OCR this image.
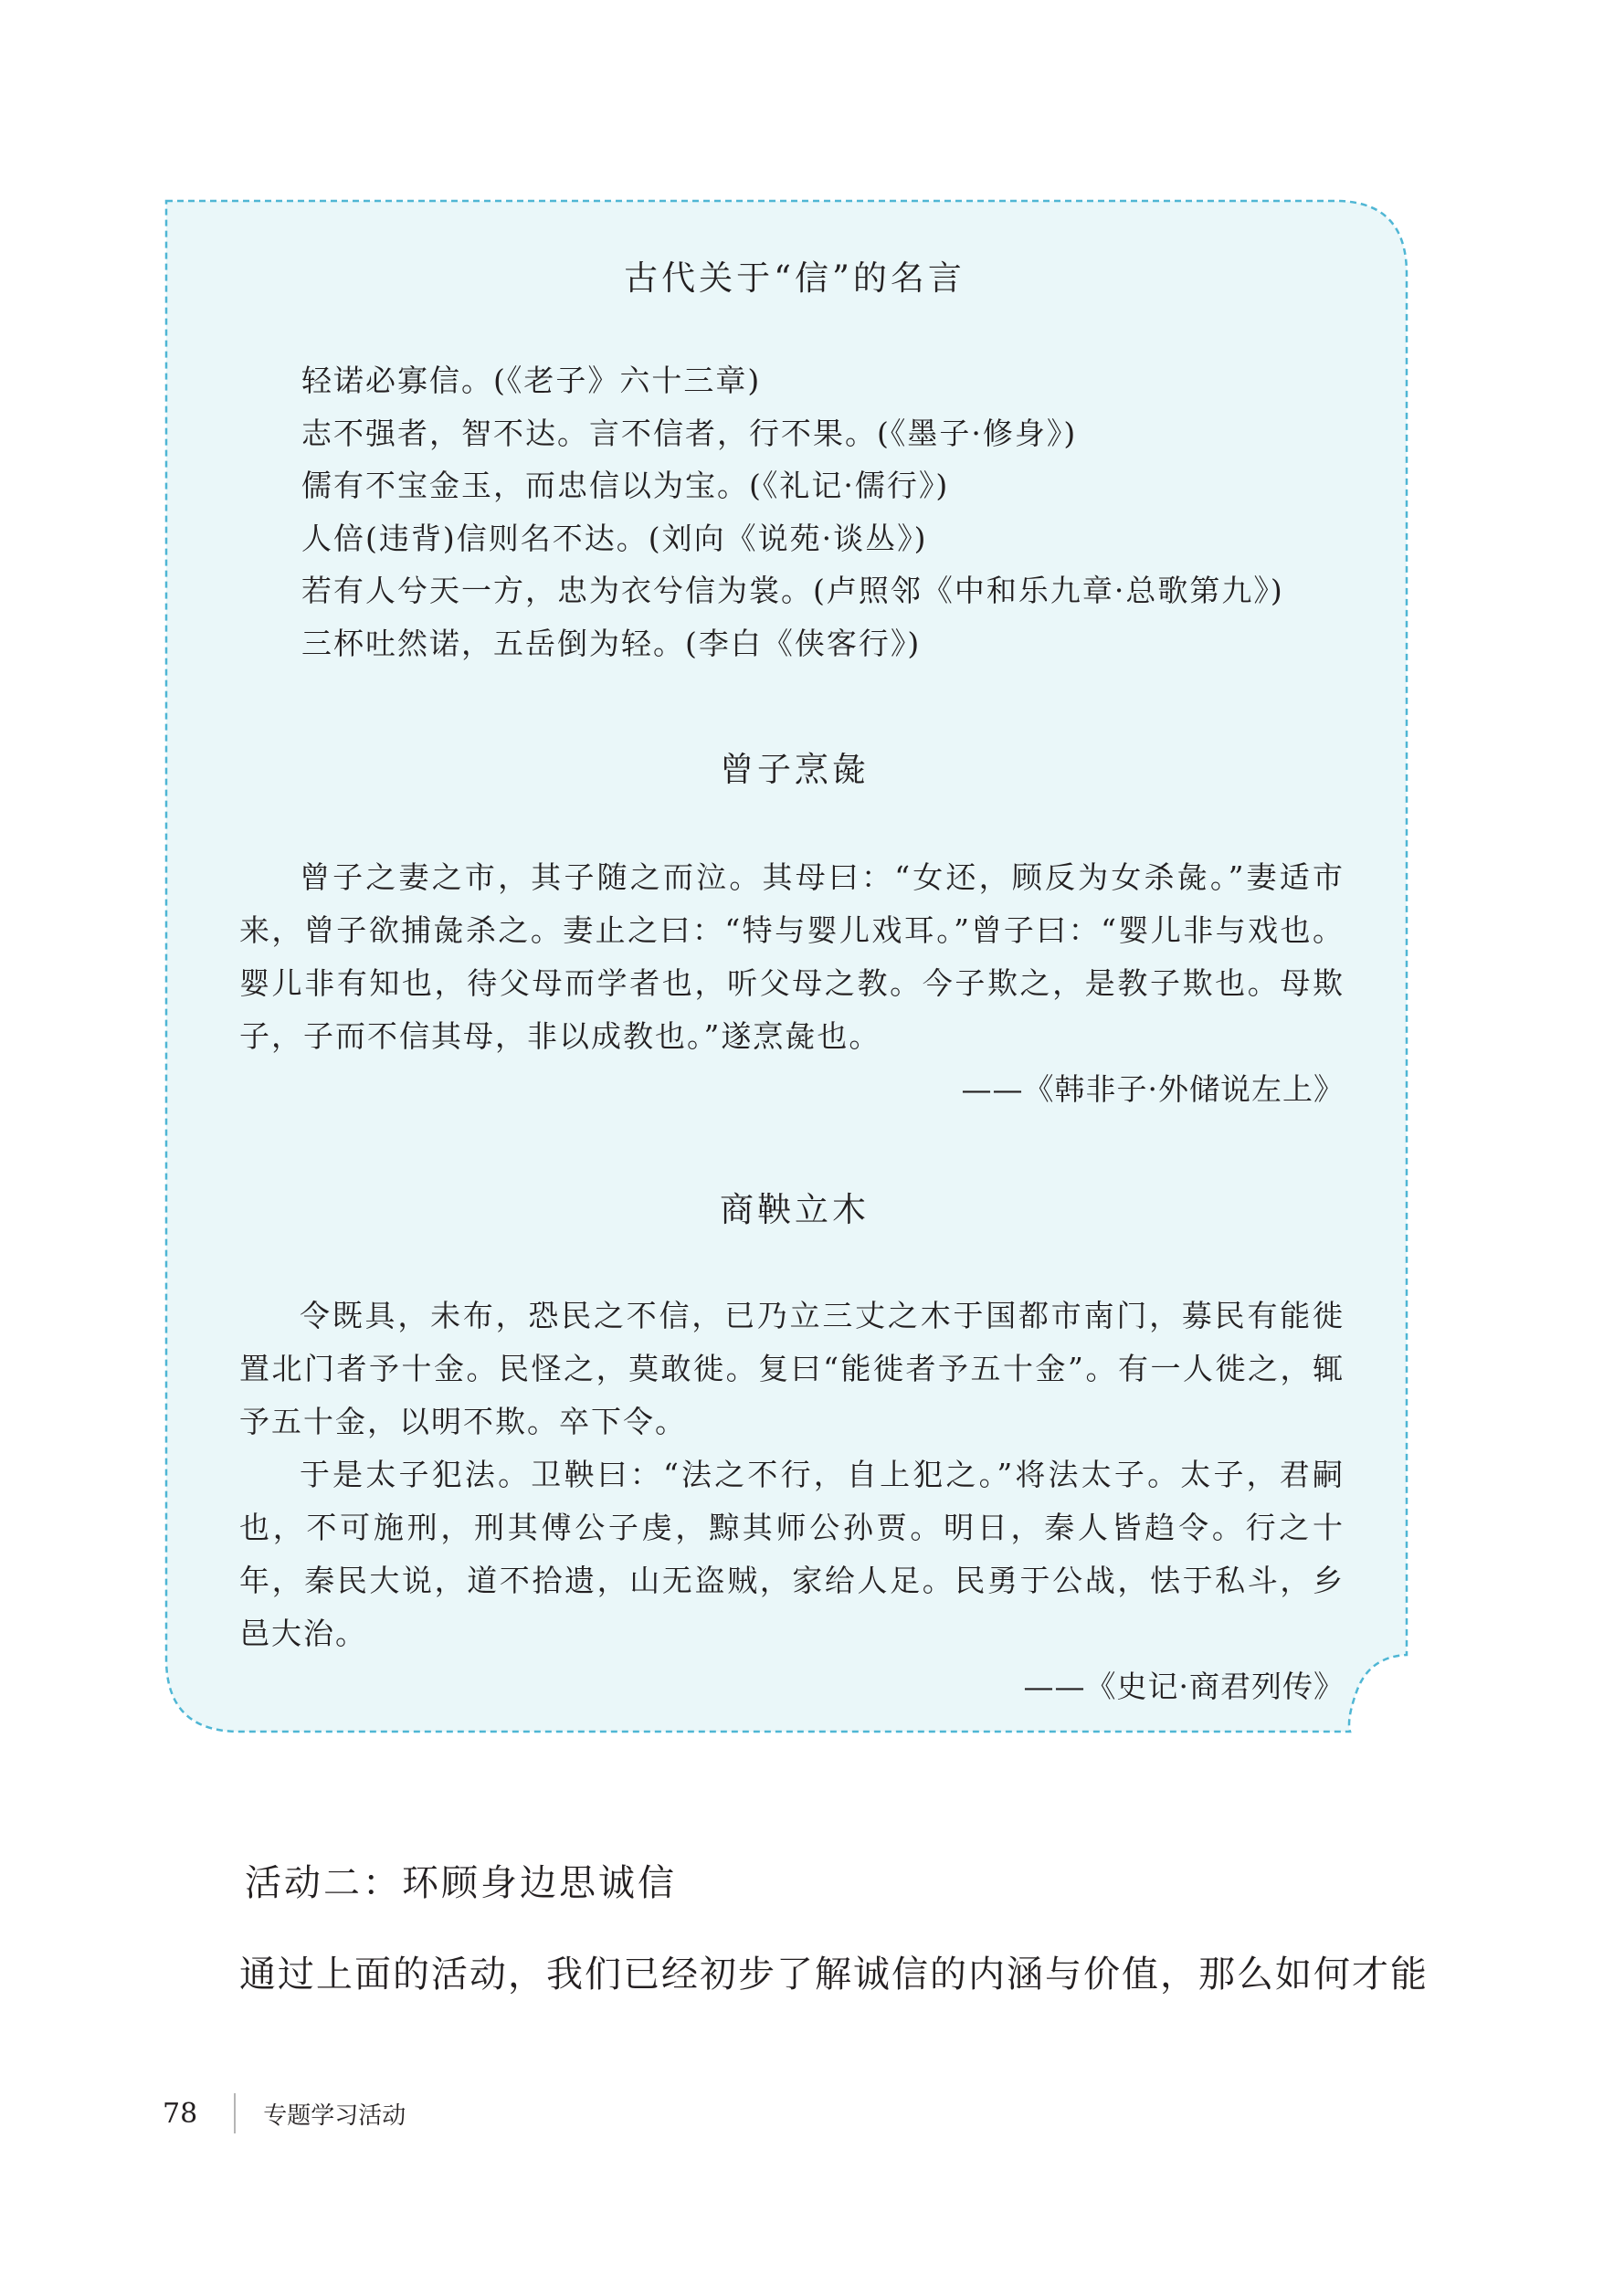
古代关于“信”的名言
轻诺必寡信。(《老子》六十三章)
志不强者，智不达。言不信者，行不果。(《墨子·修身》)
儒有不宝金玉，而忠信以为宝。(《礼记·儒行》)
人倍(违背)信则名不达。(刘向《说苑·谈丛》)
若有人兮天一方，忠为衣兮信为裳。(卢照邻《中和乐九章·总歌第九》)
三杯吐然诺，五岳倒为轻。(李白《侠客行》)
曾子烹彘

曾子之妻之市，其子随之而泣。其母曰：“女还，顾反为女杀彘。”妻适市来，曾子欲捕彘杀之。妻止之曰：“特与婴儿戏耳。”曾子曰：“婴儿非与戏也。婴儿非有知也，待父母而学者也，听父母之教。今子欺之，是教子欺也。母欺子，子而不信其母，非以成教也。”遂烹彘也。

——《韩非子·外储说左上》

商鞅立木

令既具，未布，恐民之不信，已乃立三丈之木于国都市南门，募民有能徙置北门者予十金。民怪之，莫敢徙。复曰“能徙者予五十金”。有一人徙之，辄予五十金，以明不欺。卒下令。

于是太子犯法。卫鞅曰：“法之不行，自上犯之。”将法太子。太子，君嗣也，不可施刑，刑其傅公子虔，黥其师公孙贾。明日，秦人皆趋令。行之十年，秦民大说，道不拾遗，山无盗贼，家给人足。民勇于公战，怯于私斗，乡邑大治。

——《史记·商君列传》

活动二：环顾身边思诚信

通过上面的活动，我们已经初步了解诚信的内涵与价值，那么如何才能

78	专题学习活动
